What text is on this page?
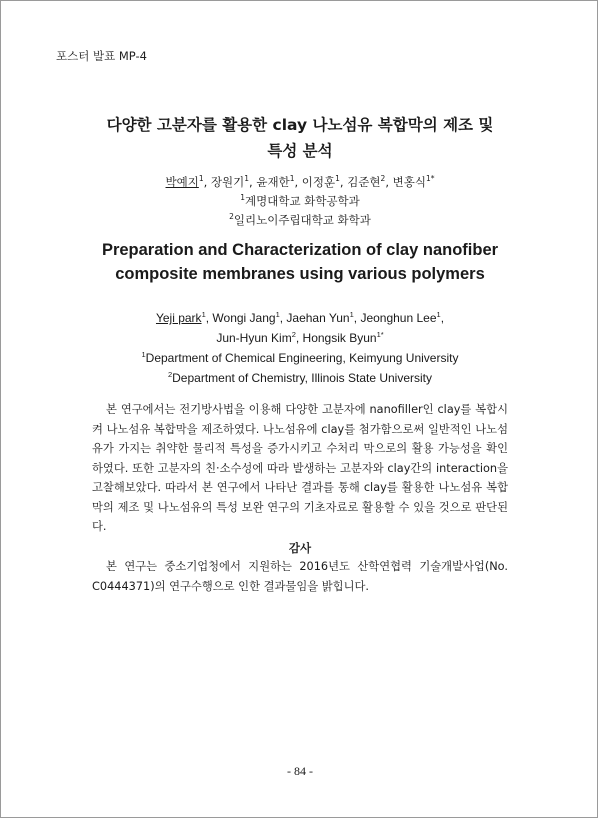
포스터 발표 MP-4
다양한 고분자를 활용한 clay 나노섬유 복합막의 제조 및
특성 분석
박예지$^1$, 장원기$^1$, 윤재한$^1$, 이정훈$^1$, 김준현$^2$, 변홍식$^{1*}$
$^1$계명대학교 화학공학과
$^2$일리노이주립대학교 화학과
Preparation and Characterization of clay nanofiber
composite membranes using various polymers
Yeji park$^1$, Wongi Jang$^1$, Jaehan Yun$^1$, Jeonghun Lee$^1$,
Jun-Hyun Kim$^2$, Hongsik Byun$^{1*}$
$^1$Department of Chemical Engineering, Keimyung University
$^2$Department of Chemistry, Illinois State University

본 연구에서는 전기방사법을 이용해 다양한 고분자에 nanofiller인 clay를 복합시켜 나노섬유 복합막을 제조하였다. 나노섬유에 clay를 첨가함으로써 일반적인 나노섬유가 가지는 취약한 물리적 특성을 증가시키고 수처리 막으로의 활용 가능성을 확인하였다. 또한 고분자의 친·소수성에 따라 발생하는 고분자와 clay간의 interaction을 고찰해보았다. 따라서 본 연구에서 나타난 결과를 통해 clay를 활용한 나노섬유 복합막의 제조 및 나노섬유의 특성 보완 연구의 기초자료로 활용할 수 있을 것으로 판단된다.

감사

본 연구는 중소기업청에서 지원하는 2016년도 산학연협력 기술개발사업(No. C0444371)의 연구수행으로 인한 결과물임을 밝힙니다.

- 84 -
